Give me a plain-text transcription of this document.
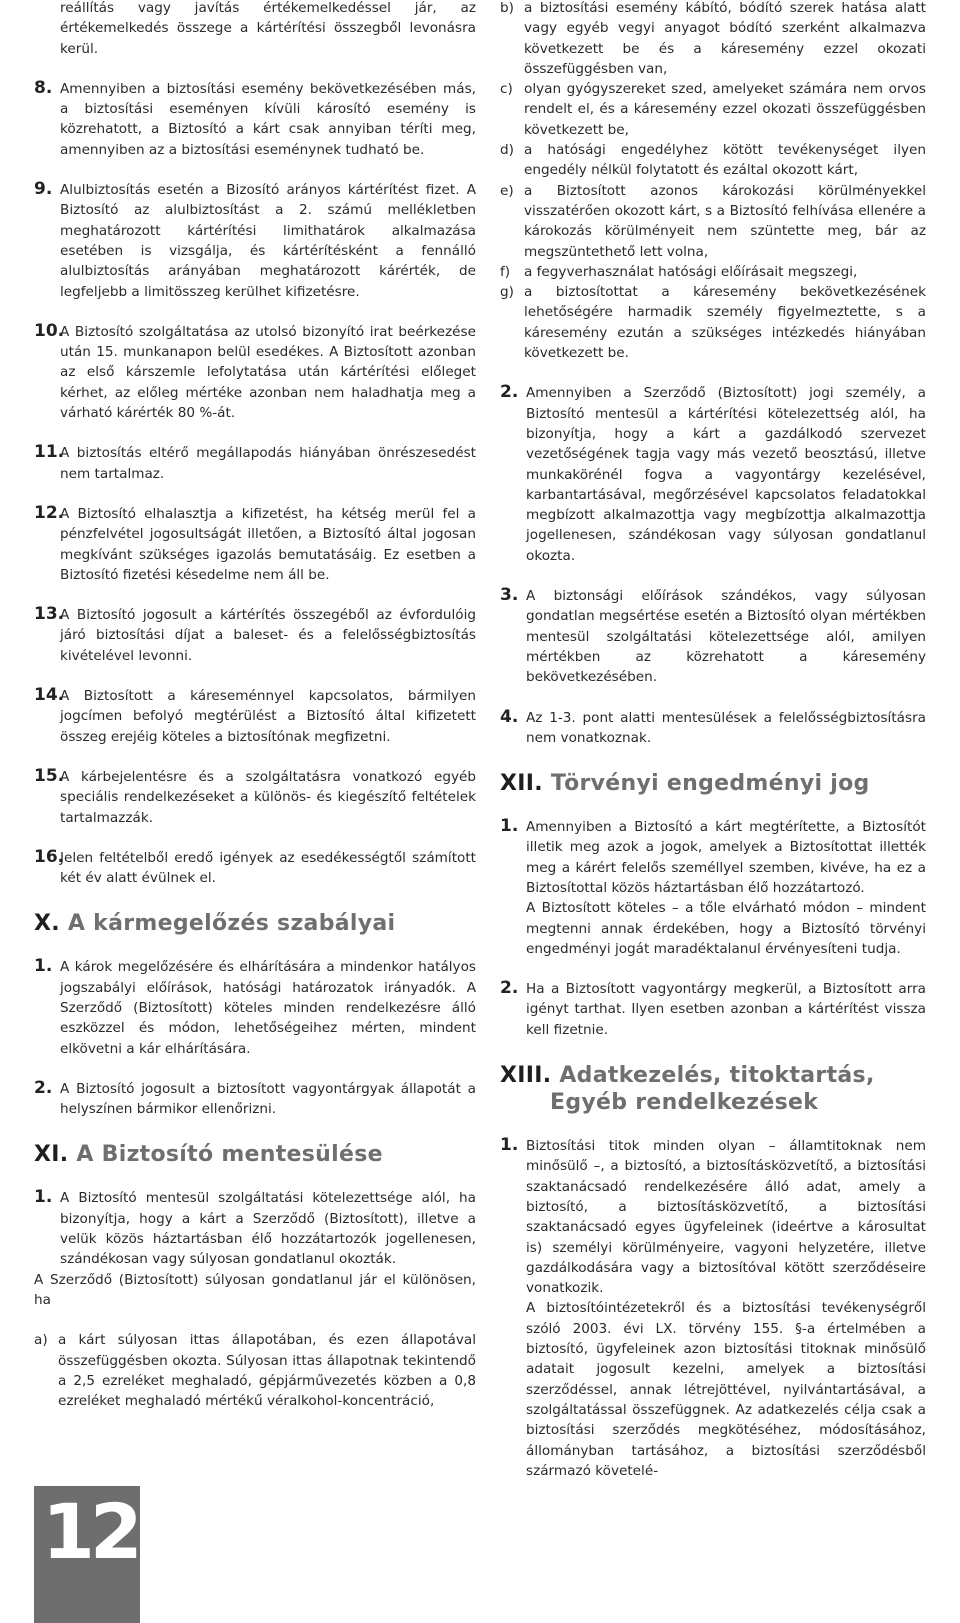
reállítás vagy javítás értékemelkedéssel jár, az értékemelkedés összege a kártérítési összegből levonásra kerül.

8. Amennyiben a biztosítási esemény bekövetkezésében más, a biztosítási eseményen kívüli károsító esemény is közrehatott, a Biztosító a kárt csak annyiban téríti meg, amennyiben az a biztosítási eseménynek tudható be.

9. Alulbiztosítás esetén a Bizosító arányos kártérítést fizet. A Biztosító az alulbiztosítást a 2. számú mellékletben meghatározott kártérítési limithatárok alkalmazása esetében is vizsgálja, és kártérítésként a fennálló alulbiztosítás arányában meghatározott kárérték, de legfeljebb a limitösszeg kerülhet kifizetésre.

10.

A Biztosító szolgáltatása az utolsó bizonyító irat beérkezése után 15. munkanapon belül esedékes. A Biztosított azonban az első kárszemle lefolytatása után kártérítési előleget kérhet, az előleg mértéke azonban nem haladhatja meg a várható kárérték 80 %-át.

11.

A biztosítás eltérő megállapodás hiányában önrészesedést nem tartalmaz.

12.

A Biztosító elhalasztja a kifizetést, ha kétség merül fel a pénzfelvétel jogosultságát illetően, a Biztosító által jogosan megkívánt szükséges igazolás bemutatásáig. Ez esetben a Biztosító fizetési késedelme nem áll be.

13.

A Biztosító jogosult a kártérítés összegéből az évfordulóig járó biztosítási díjat a baleset- és a felelősségbiztosítás kivételével levonni.

14.

A Biztosított a káreseménnyel kapcsolatos, bármilyen jogcímen befolyó megtérülést a Biztosító által kifizetett összeg erejéig köteles a biztosítónak megfizetni.

15.

A kárbejelentésre és a szolgáltatásra vonatkozó egyéb speciális rendelkezéseket a különös- és kiegészítő feltételek tartalmazzák.

16.

Jelen feltételből eredő igények az esedékességtől számított két év alatt évülnek el.

X. A kármegelőzés szabályai
1. A károk megelőzésére és elhárítására a mindenkor hatályos jogszabályi előírások, hatósági határozatok irányadók. A Szerződő (Biztosított) köteles minden rendelkezésre álló eszközzel és módon, lehetőségeihez mérten, mindent elkövetni a kár elhárítására.

2. A Biztosító jogosult a biztosított vagyontárgyak állapotát a helyszínen bármikor ellenőrizni.

XI. A Biztosító mentesülése
1. A Biztosító mentesül szolgáltatási kötelezettsége alól, ha bizonyítja, hogy a kárt a Szerződő (Biztosított), illetve a velük közös háztartásban élő hozzátartozók jogellenesen, szándékosan vagy súlyosan gondatlanul okozták.

A Szerződő (Biztosított) súlyosan gondatlanul jár el különösen, ha

a) a kárt súlyosan ittas állapotában, és ezen állapotával összefüggésben okozta. Súlyosan ittas állapotnak tekintendő a 2,5 ezreléket meghaladó, gépjárművezetés közben a 0,8 ezreléket meghaladó mértékű véralkohol-koncentráció,

b) a biztosítási esemény kábító, bódító szerek hatása alatt vagy egyéb vegyi anyagot bódító szerként alkalmazva következett be és a káresemény ezzel okozati összefüggésben van,

c) olyan gyógyszereket szed, amelyeket számára nem orvos rendelt el, és a káresemény ezzel okozati összefüggésben következett be,

d) a hatósági engedélyhez kötött tevékenységet ilyen engedély nélkül folytatott és ezáltal okozott kárt,

e) a Biztosított azonos károkozási körülményekkel visszatérően okozott kárt, s a Biztosító felhívása ellenére a károkozás körülményeit nem szüntette meg, bár az megszüntethető lett volna,

f) a fegyverhasználat hatósági előírásait megszegi,

g) a biztosítottat a káresemény bekövetkezésének lehetőségére harmadik személy figyelmeztette, s a káresemény ezután a szükséges intézkedés hiányában következett be.

2. Amennyiben a Szerződő (Biztosított) jogi személy, a Biztosító mentesül a kártérítési kötelezettség alól, ha bizonyítja, hogy a kárt a gazdálkodó szervezet vezetőségének tagja vagy más vezető beosztású, illetve munkakörénél fogva a vagyontárgy kezelésével, karbantartásával, megőrzésével kapcsolatos feladatokkal megbízott alkalmazottja vagy megbízottja alkalmazottja jogellenesen, szándékosan vagy súlyosan gondatlanul okozta.

3. A biztonsági előírások szándékos, vagy súlyosan gondatlan megsértése esetén a Biztosító olyan mértékben mentesül szolgáltatási kötelezettsége alól, amilyen mértékben az közrehatott a káresemény bekövetkezésében.

4. Az 1-3. pont alatti mentesülések a felelősségbiztosításra nem vonatkoznak.

XII. Törvényi engedményi jog
1. Amennyiben a Biztosító a kárt megtérítette, a Biztosítót illetik meg azok a jogok, amelyek a Biztosítottat illették meg a kárért felelős személlyel szemben, kivéve, ha ez a Biztosítottal közös háztartásban élő hozzátartozó.

A Biztosított köteles – a tőle elvárható módon – mindent megtenni annak érdekében, hogy a Biztosító törvényi engedményi jogát maradéktalanul érvényesíteni tudja.

2. Ha a Biztosított vagyontárgy megkerül, a Biztosított arra igényt tarthat. Ilyen esetben azonban a kártérítést vissza kell fizetnie.

XIII. Adatkezelés, titoktartás,
Egyéb rendelkezések
1. Biztosítási titok minden olyan – államtitoknak nem minősülő –, a biztosító, a biztosításközvetítő, a biztosítási szaktanácsadó rendelkezésére álló adat, amely a biztosító, a biztosításközvetítő, a biztosítási szaktanácsadó egyes ügyfeleinek (ideértve a károsultat is) személyi körülményeire, vagyoni helyzetére, illetve gazdálkodására vagy a biztosítóval kötött szerződéseire vonatkozik.

A biztosítóintézetekről és a biztosítási tevékenységről szóló 2003. évi LX. törvény 155. §-a értelmében a biztosító, ügyfeleinek azon biztosítási titoknak minősülő adatait jogosult kezelni, amelyek a biztosítási szerződéssel, annak létrejöttével, nyilvántartásával, a szolgáltatással összefüggnek. Az adatkezelés célja csak a biztosítási szerződés megkötéséhez, módosításához, állományban tartásához, a biztosítási szerződésből származó követelé-

12
